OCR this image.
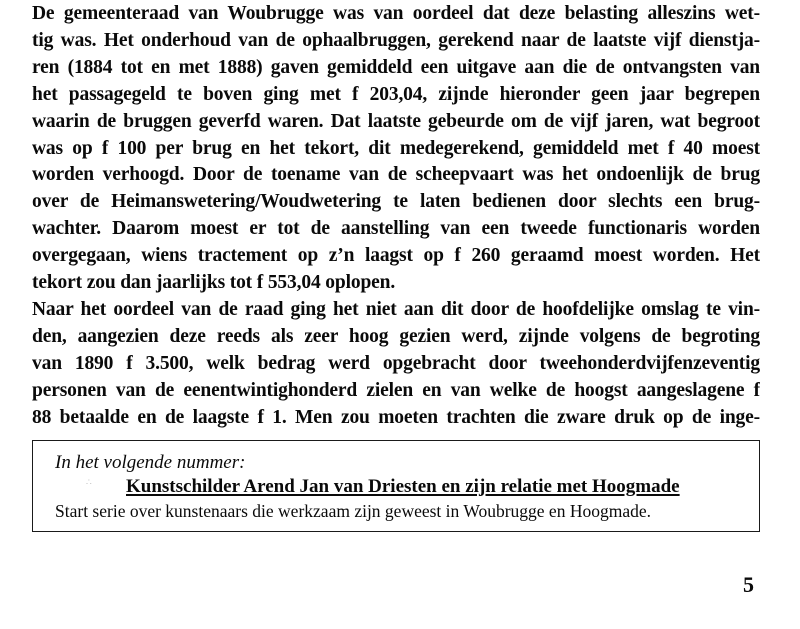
De gemeenteraad van Woubrugge was van oordeel dat deze belasting alleszins wet-
tig was. Het onderhoud van de ophaalbruggen, gerekend naar de laatste vijf dienstja-
ren (1884 tot en met 1888) gaven gemiddeld een uitgave aan die de ontvangsten van
het passagegeld te boven ging met f 203,04, zijnde hieronder geen jaar begrepen
waarin de bruggen geverfd waren. Dat laatste gebeurde om de vijf jaren, wat begroot
was op f 100 per brug en het tekort, dit medegerekend, gemiddeld met f 40 moest
worden verhoogd. Door de toename van de scheepvaart was het ondoenlijk de brug
over de Heimanswetering/Woudwetering te laten bedienen door slechts een brug-
wachter. Daarom moest er tot de aanstelling van een tweede functionaris worden
overgegaan, wiens tractement op z’n laagst op f 260 geraamd moest worden. Het
tekort zou dan jaarlijks tot f 553,04 oplopen.
Naar het oordeel van de raad ging het niet aan dit door de hoofdelijke omslag te vin-
den, aangezien deze reeds als zeer hoog gezien werd, zijnde volgens de begroting
van 1890 f 3.500, welk bedrag werd opgebracht door tweehonderdvijfenzeventig
personen van de eenentwintighonderd zielen en van welke de hoogst aangeslagene f
88 betaalde en de laagste f 1. Men zou moeten trachten die zware druk op de inge-
In het volgende nummer:
Kunstschilder Arend Jan van Driesten en zijn relatie met Hoogmade
Start serie over kunstenaars die werkzaam zijn geweest in Woubrugge en Hoogmade.
∴
5
